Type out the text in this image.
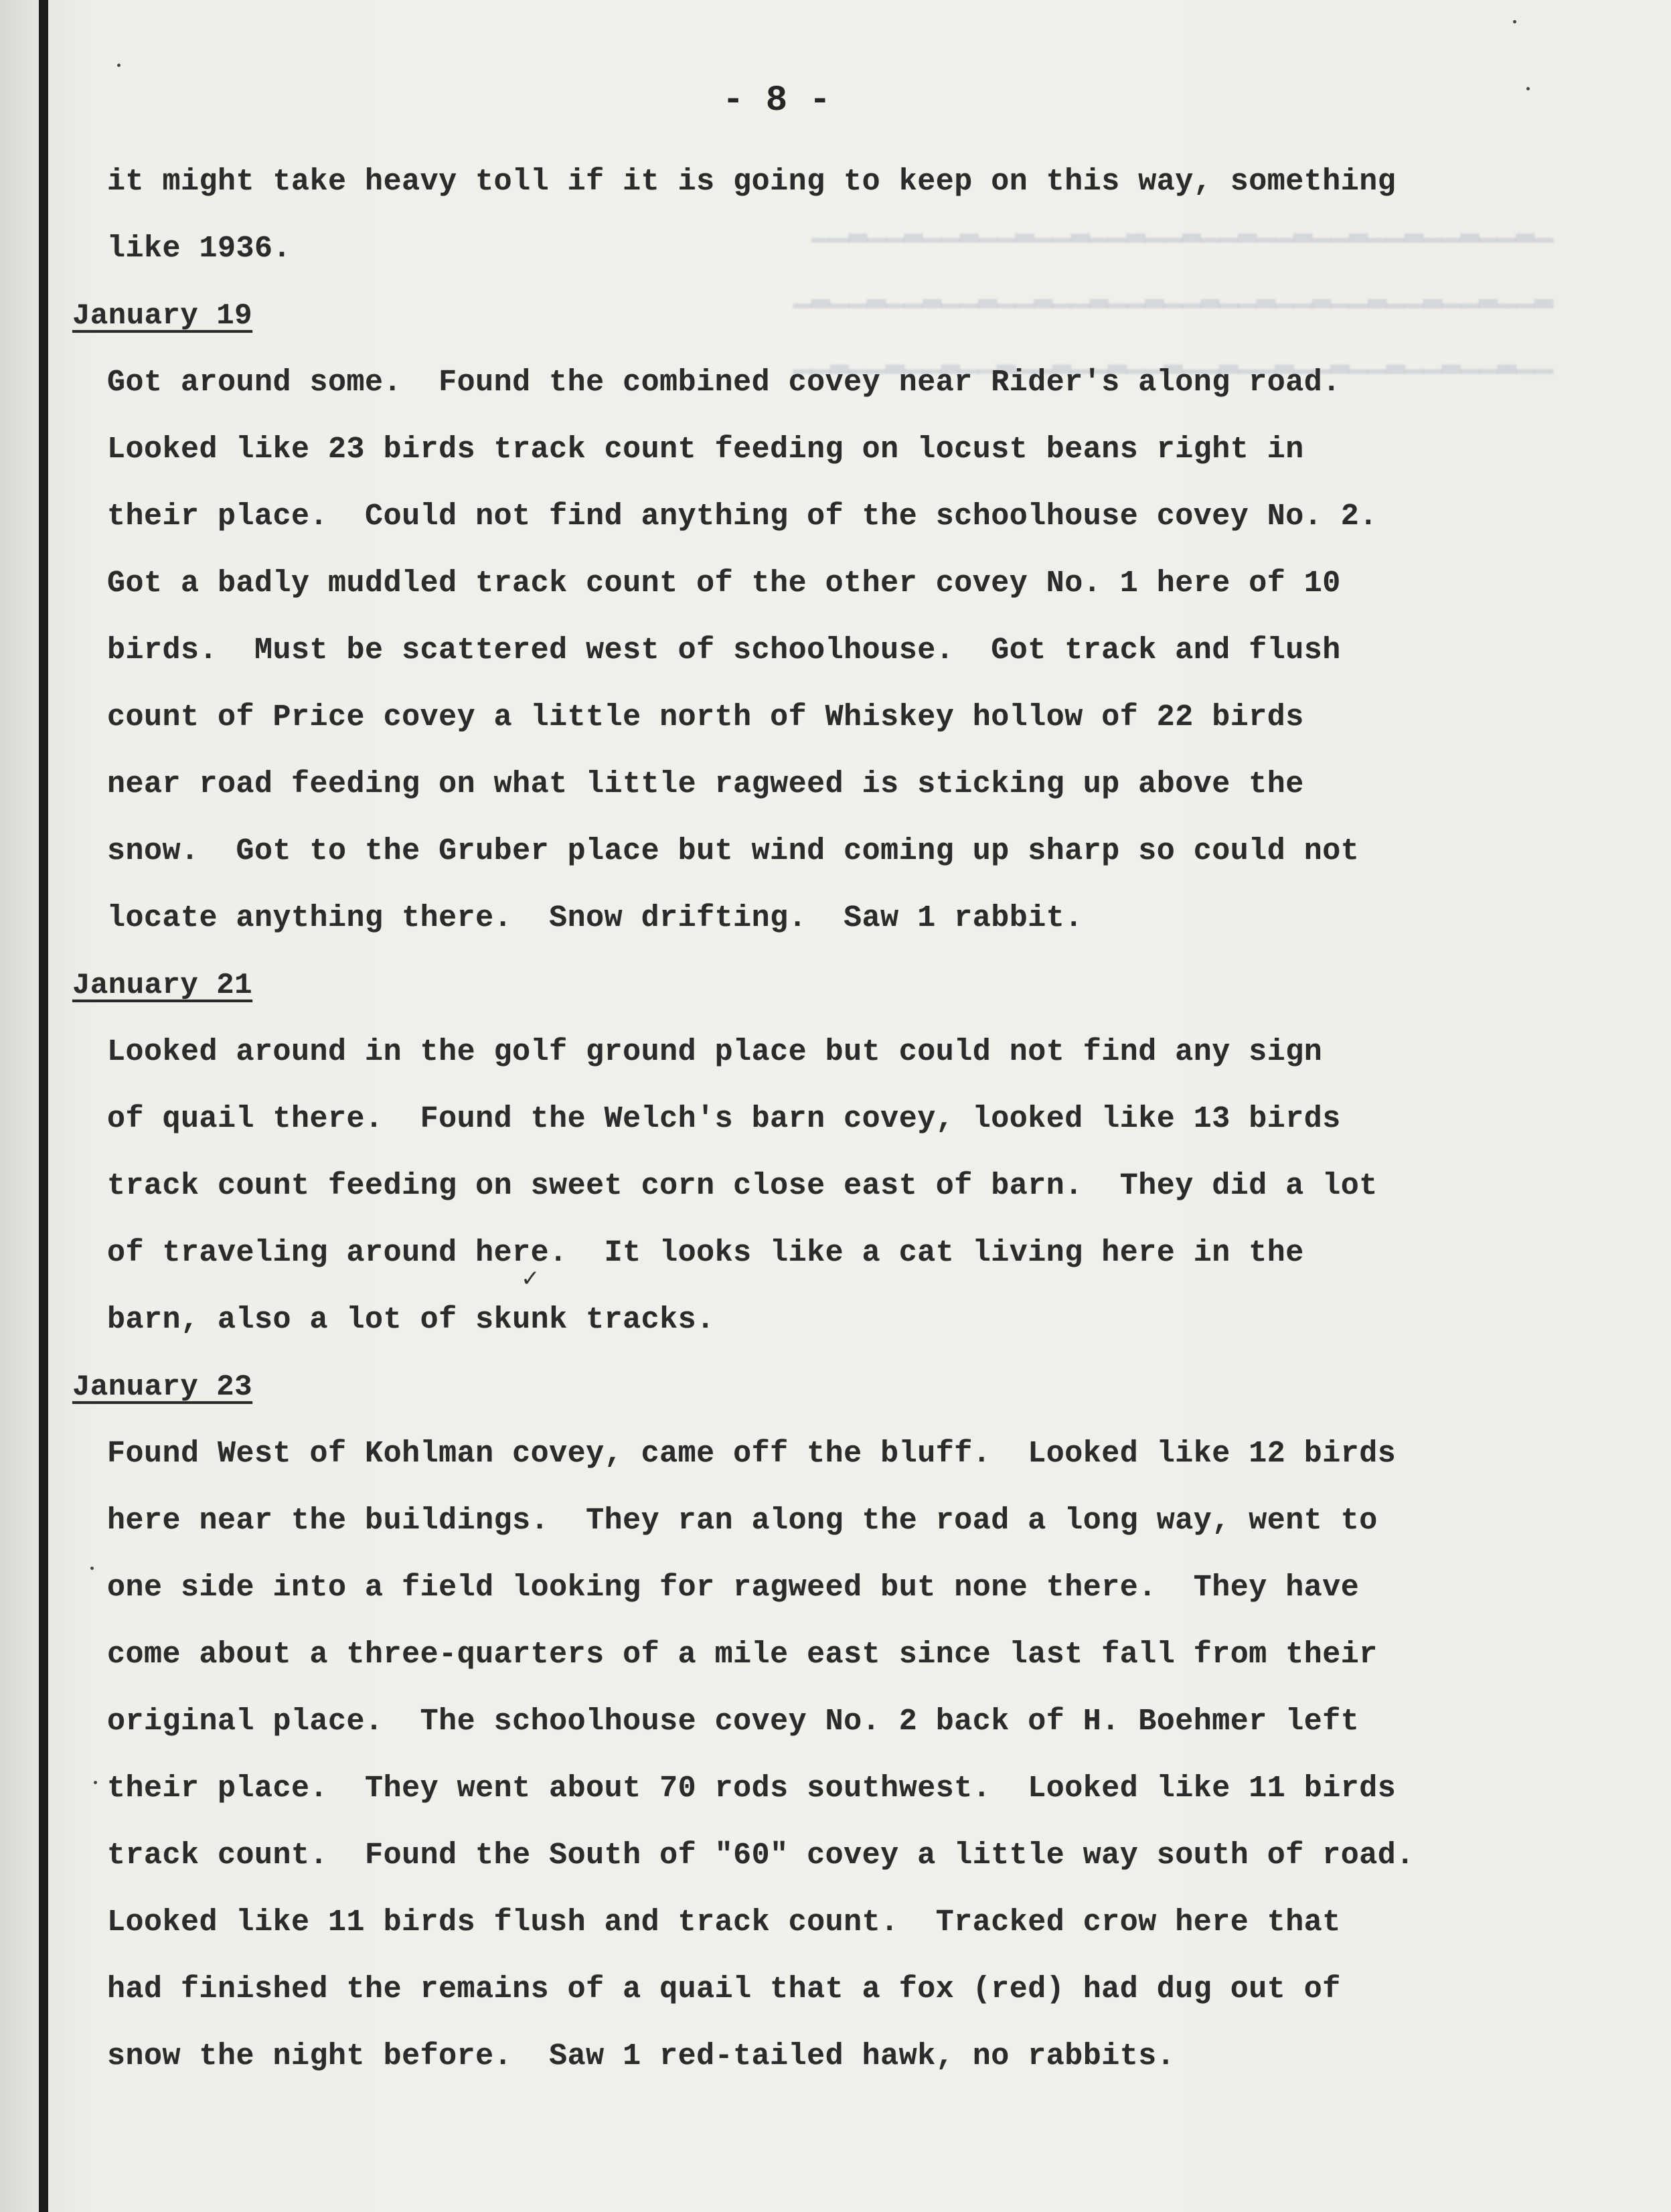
▁▂▁▁▂▁▁▂▁▁▂▁▁▂▁▁▂▁▁▂▁▁▂▁▁▂▁▁▂▁▁▂▁▁▂▁▁▂▁▁
▂▁▁▂▁▁▂▁▁▂▁▁▂▁▁▂▁▁▂▁▁▂▁▁▂▁▁▂▁▁▂▁▁▂▁▁▂▁▁▂▁
▁▁▂▁▁▂▁▁▂▁▁▂▁▁▂▁▁▂▁▁▂▁▁▂▁▁▂▁▁▂▁▁▂▁▁▂▁▁▂▁▁
- 8 -
it might take heavy toll if it is going to keep on this way, something
like 1936.
January 19
Got around some.  Found the combined covey near Rider's along road.
Looked like 23 birds track count feeding on locust beans right in
their place.  Could not find anything of the schoolhouse covey No. 2.
Got a badly muddled track count of the other covey No. 1 here of 10
birds.  Must be scattered west of schoolhouse.  Got track and flush
count of Price covey a little north of Whiskey hollow of 22 birds
near road feeding on what little ragweed is sticking up above the
snow.  Got to the Gruber place but wind coming up sharp so could not
locate anything there.  Snow drifting.  Saw 1 rabbit.
January 21
Looked around in the golf ground place but could not find any sign
of quail there.  Found the Welch's barn covey, looked like 13 birds
track count feeding on sweet corn close east of barn.  They did a lot
of traveling around here.  It looks like a cat living here in the
barn, also a lot of skunk tracks.
January 23
Found West of Kohlman covey, came off the bluff.  Looked like 12 birds
here near the buildings.  They ran along the road a long way, went to
one side into a field looking for ragweed but none there.  They have
come about a three-quarters of a mile east since last fall from their
original place.  The schoolhouse covey No. 2 back of H. Boehmer left
their place.  They went about 70 rods southwest.  Looked like 11 birds
track count.  Found the South of "60" covey a little way south of road.
Looked like 11 birds flush and track count.  Tracked crow here that
had finished the remains of a quail that a fox (red) had dug out of
snow the night before.  Saw 1 red-tailed hawk, no rabbits.
✓
